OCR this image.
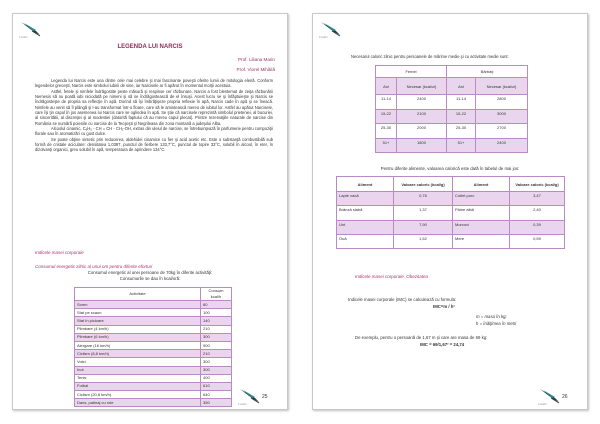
Creativ
LEGENDA LUI NARCIS
Prof. Liliana Marin
Prof. Viorel Mihăilă

Legenda lui Narcis este una dintre cele mai celebre şi mai fascinante poveşti oferite lumii de mitologia elenă. Conform legendelor greceşti, Narcis este simbolul iubirii de sine, iar Narcisele ar fi apărut în momentul morţii acestuia.

Astfel, fetele şi nimfele îndrăgostite peste măsură şi respinse cer răzbunare. Narcis a fost blestemat de zeiţa răzbunării Nemesis să nu poată iubi niciodată pe nimeni şi să se îndrăgostească de el însuşi. Acest lucru se şi înfăptuieşte şi Narcis se îndrăgosteşte de propria sa reflecţie în apă. Dorind să îşi îmbrăţişeze propria reflexie în apă, Narcis cade în apă şi se îneacă. Nimfele au venit să îl plângă şi l-au transformat într-o floare, care să le amintească mereu de iubitul lor. Astfel au apărut Narcisele, care îşi ţin capul în jos asemenea lui Narcis care se oglindea în apă. Se ştie că narcisele reprezintă simbolul prieteniei, al bucuriei, al sinceritătii, al discreţiei şi al modestiei (datorită faptului că au mereu capul plecat). Printre rezervaţiile naturale de narcise din România se numără poienile cu narcise de la Tecşeşti şi Negrileasa din zona montană a judeţului Alba.

Alcoolul cinamic, C₆H₅ - CH = CH - CH₂-OH, extras din uleiul de narcise, se întrebuinţează în parfumerie pentru compoziţii florale sau în aromatizări cu gust dulce.

Se poate obţine sintetic prin reducerea, aldehidei cinamice cu fier şi acid acetic etc. Este o substanţă combustibilă sub formă de cristale aciculare: densitatea 1,0397, punctul de fierbere 133,7°C, punctul de topire 33°C, solubil în alcool, în eter, în dizolvanţi organici, greu solubil în apă, temperatura de aprindere 134°C.

Indicele masei corporale
Consumul energetic zilnic al unui om pentru diferite eforturi
Consumul energetic al unei persoane de 70kg în diferite activităţi:
Consumurile se dau în kcal/oră:
Activitate	Consum kcal/h
Somn	80
Stat pe scaun	100
Stat în picioare	140
Plimbare (4 km/h)	210
Plimbare (6 km/h)	300
Alergare (16 km/h)	900
Ciclism (8,8 km/h)	210
Volei	300
Inot	300
Tenis	400
Fotbal	610
Ciclism (20,8 km/h)	640
Dans, patinaj cu role	350	Creativ
25
Creativ

Necesarul caloric zilnic pentru persoanele de mărime medie şi cu activitate medie sunt:

Femei		Bărbaţi	
Ani	Necesar (kcal/zi)	Ani	Necesar (kcal/zi)
11-14	2400	11-14	2800
15-22	2100	15-22	3000
25-30	2000	25-30	2700
51+	1800	51+	2400
Pentru diferite alimente, valoarea calorică este dată în tabelul de mai jos:
Aliment	Valoare caloric (kcal/g)	Aliment	Valoare caloric (kcal/g)
Lapte vacă	0,76	Cotlet porc	3,47
Brânză slabă	1,37	Pâine albă	2,40
Unt	7,90	Morcovi	0,39
Ouă	1,52	Mere	0,59
Indicele masei corporale. Obezitatea
Indicele masei corporale (IMC) se calculează cu formula:
IMC=m / h²
m = masa în kg;
h = înălţimea în metri
De exemplu, pentru o persoană de 1,67 m şi care are masa de 69 kg:
IMC = 69/1,67² = 24,74
Creativ
26
